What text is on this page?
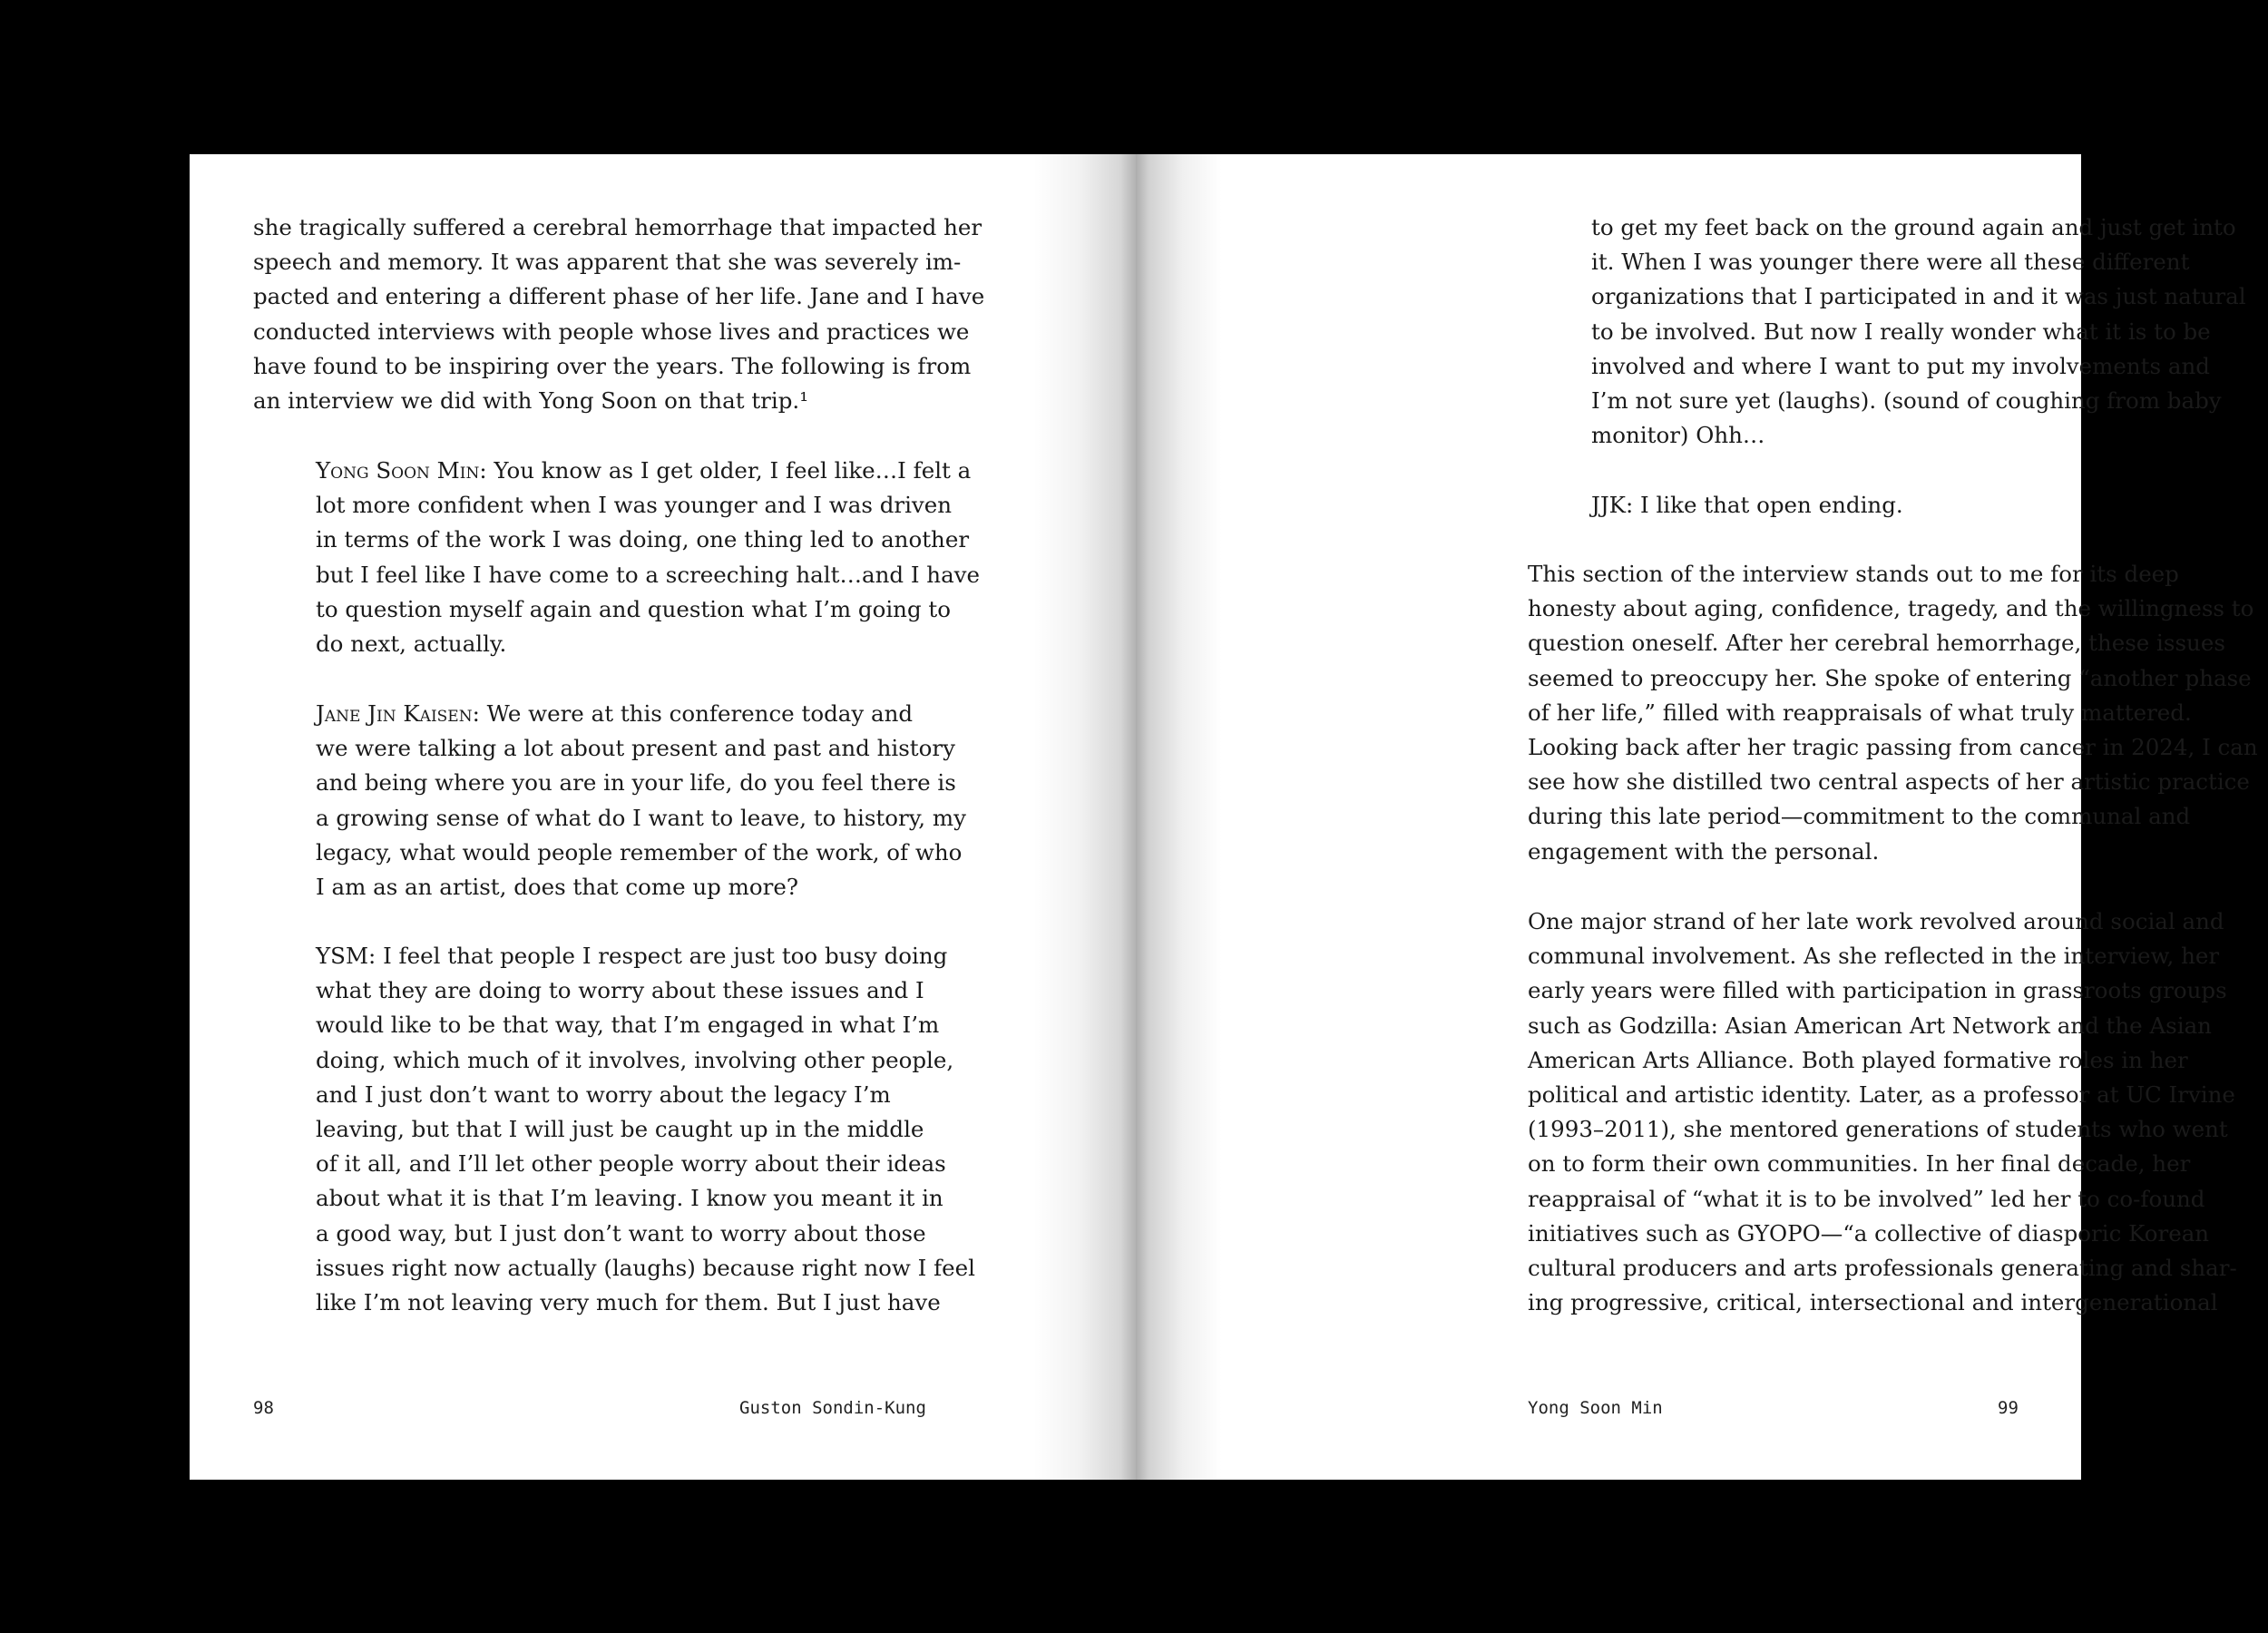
she tragically suffered a cerebral hemorrhage that impacted her
speech and memory. It was apparent that she was severely im-
pacted and entering a different phase of her life. Jane and I have
conducted interviews with people whose lives and practices we
have found to be inspiring over the years. The following is from
an interview we did with Yong Soon on that trip.¹
Yong Soon Min: You know as I get older, I feel like…I felt a
lot more confident when I was younger and I was driven
in terms of the work I was doing, one thing led to another
but I feel like I have come to a screeching halt…and I have
to question myself again and question what I’m going to
do next, actually.
Jane Jin Kaisen: We were at this conference today and
we were talking a lot about present and past and history
and being where you are in your life, do you feel there is
a growing sense of what do I want to leave, to history, my
legacy, what would people remember of the work, of who
I am as an artist, does that come up more?
YSM: I feel that people I respect are just too busy doing
what they are doing to worry about these issues and I
would like to be that way, that I’m engaged in what I’m
doing, which much of it involves, involving other people,
and I just don’t want to worry about the legacy I’m
leaving, but that I will just be caught up in the middle
of it all, and I’ll let other people worry about their ideas
about what it is that I’m leaving. I know you meant it in
a good way, but I just don’t want to worry about those
issues right now actually (laughs) because right now I feel
like I’m not leaving very much for them. But I just have
98	Guston Sondin-Kung
to get my feet back on the ground again and just get into
it. When I was younger there were all these different
organizations that I participated in and it was just natural
to be involved. But now I really wonder what it is to be
involved and where I want to put my involvements and
I’m not sure yet (laughs). (sound of coughing from baby
monitor) Ohh…
JJK: I like that open ending.
This section of the interview stands out to me for its deep
honesty about aging, confidence, tragedy, and the willingness to
question oneself. After her cerebral hemorrhage, these issues
seemed to preoccupy her. She spoke of entering “another phase
of her life,” filled with reappraisals of what truly mattered.
Looking back after her tragic passing from cancer in 2024, I can
see how she distilled two central aspects of her artistic practice
during this late period—commitment to the communal and
engagement with the personal.
One major strand of her late work revolved around social and
communal involvement. As she reflected in the interview, her
early years were filled with participation in grassroots groups
such as Godzilla: Asian American Art Network and the Asian
American Arts Alliance. Both played formative roles in her
political and artistic identity. Later, as a professor at UC Irvine
(1993–2011), she mentored generations of students who went
on to form their own communities. In her final decade, her
reappraisal of “what it is to be involved” led her to co-found
initiatives such as GYOPO—“a collective of diasporic Korean
cultural producers and arts professionals generating and shar-
ing progressive, critical, intersectional and intergenerational
Yong Soon Min	99
